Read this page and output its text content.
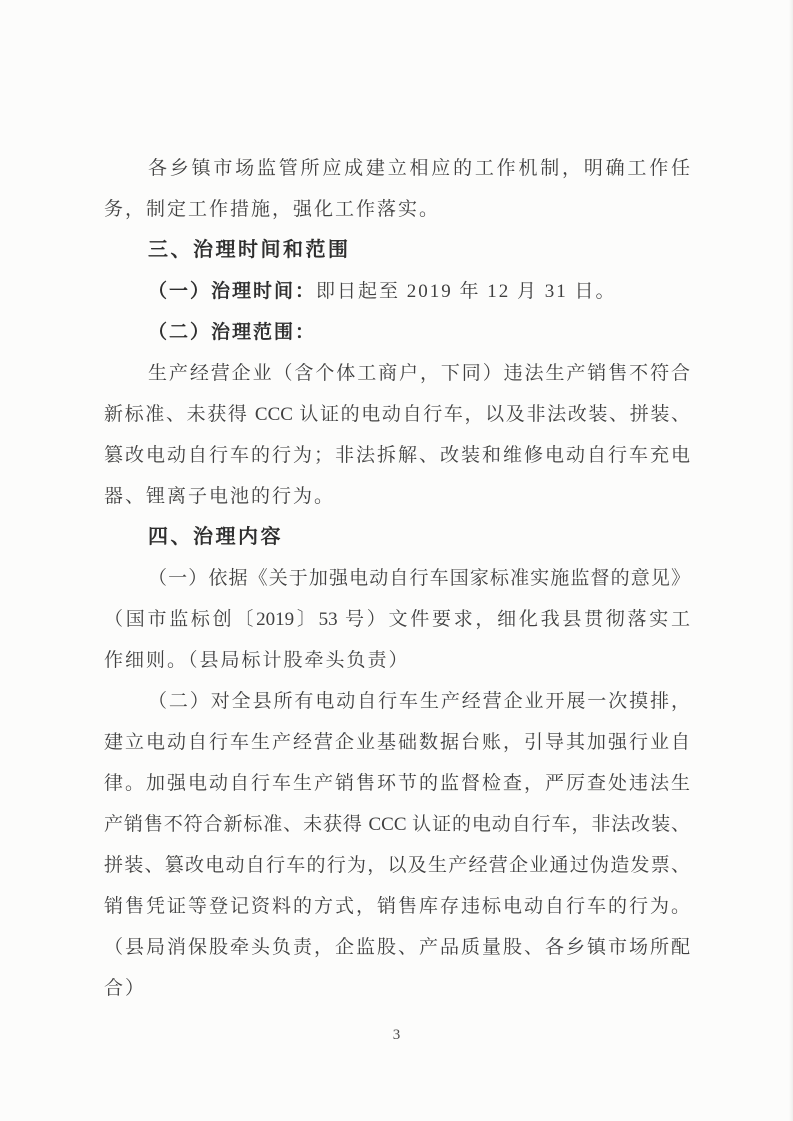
各乡镇市场监管所应成建立相应的工作机制，明确工作任
务，制定工作措施，强化工作落实。
三、治理时间和范围
（一）治理时间：即日起至 2019 年 12 月 31 日。
（二）治理范围：
生产经营企业（含个体工商户，下同）违法生产销售不符合
新标准、未获得 CCC 认证的电动自行车，以及非法改装、拼装、
篡改电动自行车的行为；非法拆解、改装和维修电动自行车充电
器、锂离子电池的行为。
四、治理内容
（一）依据《关于加强电动自行车国家标准实施监督的意见》
（国市监标创〔2019〕53 号）文件要求，细化我县贯彻落实工
作细则。（县局标计股牵头负责）
（二）对全县所有电动自行车生产经营企业开展一次摸排，
建立电动自行车生产经营企业基础数据台账，引导其加强行业自
律。加强电动自行车生产销售环节的监督检查，严厉查处违法生
产销售不符合新标准、未获得 CCC 认证的电动自行车，非法改装、
拼装、篡改电动自行车的行为，以及生产经营企业通过伪造发票、
销售凭证等登记资料的方式，销售库存违标电动自行车的行为。
（县局消保股牵头负责，企监股、产品质量股、各乡镇市场所配
合）
3
